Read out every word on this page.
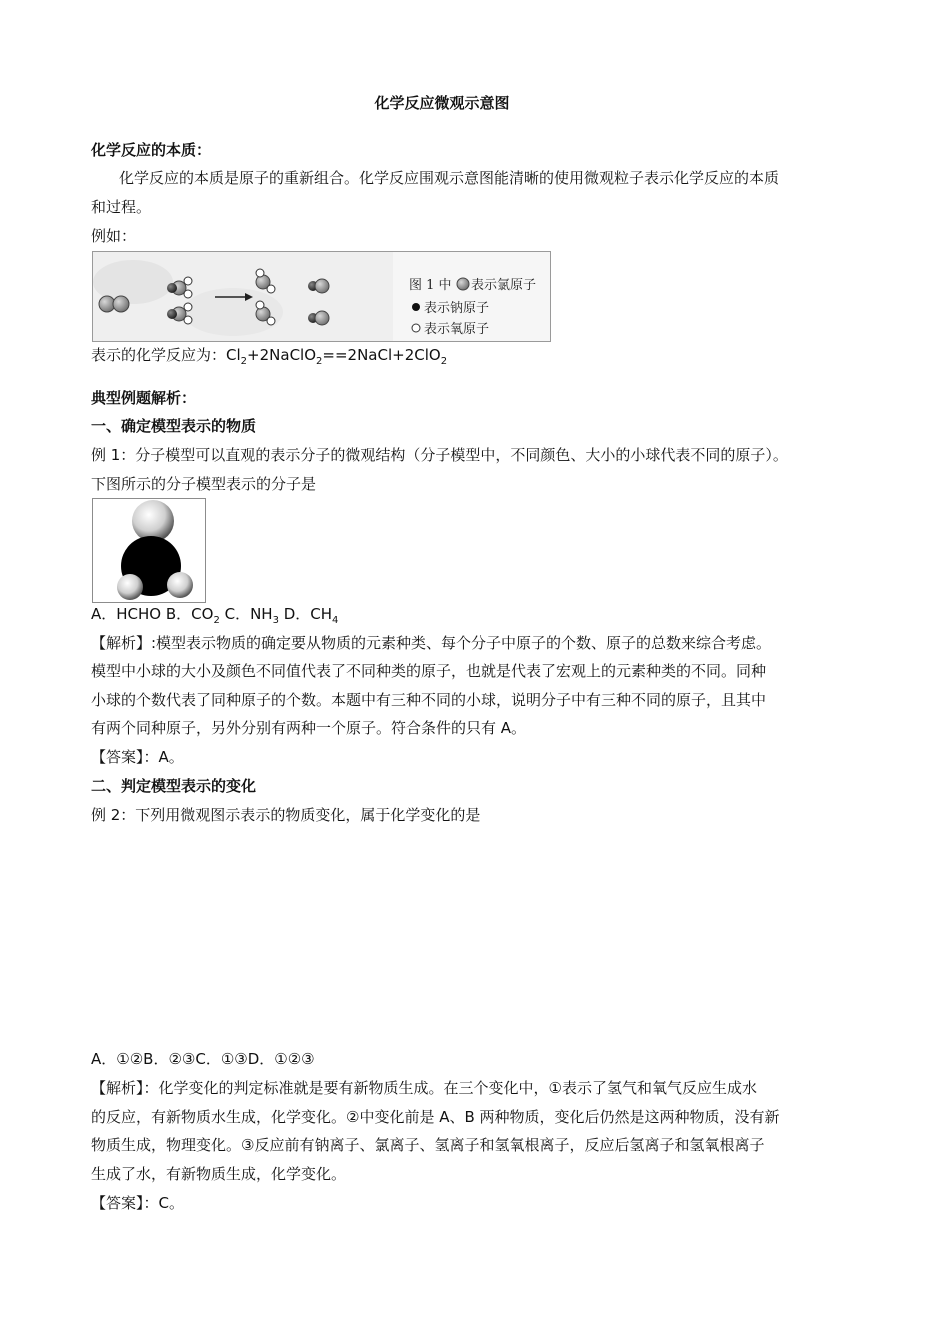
化学反应微观示意图
化学反应的本质：
化学反应的本质是原子的重新组合。化学反应围观示意图能清晰的使用微观粒子表示化学反应的本质
和过程。
例如：
图 1 中 表示氯原子
表示钠原子
表示氧原子
表示的化学反应为：$Cl_2+2NaClO_2==2NaCl+2ClO_2$
典型例题解析：
一、确定模型表示的物质
例 1：分子模型可以直观的表示分子的微观结构（分子模型中，不同颜色、大小的小球代表不同的原子）。
下图所示的分子模型表示的分子是
A．HCHO B．$CO_2$ C．$NH_3$ D．$CH_4$
【解析】:模型表示物质的确定要从物质的元素种类、每个分子中原子的个数、原子的总数来综合考虑。
模型中小球的大小及颜色不同值代表了不同种类的原子，也就是代表了宏观上的元素种类的不同。同种
小球的个数代表了同种原子的个数。本题中有三种不同的小球，说明分子中有三种不同的原子，且其中
有两个同种原子，另外分别有两种一个原子。符合条件的只有 A。
【答案】：A。
二、判定模型表示的变化
例 2：下列用微观图示表示的物质变化，属于化学变化的是
A．①②B．②③C．①③D．①②③
【解析】：化学变化的判定标准就是要有新物质生成。在三个变化中，①表示了氢气和氧气反应生成水
的反应，有新物质水生成，化学变化。②中变化前是 A、B 两种物质，变化后仍然是这两种物质，没有新
物质生成，物理变化。③反应前有钠离子、氯离子、氢离子和氢氧根离子，反应后氢离子和氢氧根离子
生成了水，有新物质生成，化学变化。
【答案】：C。
